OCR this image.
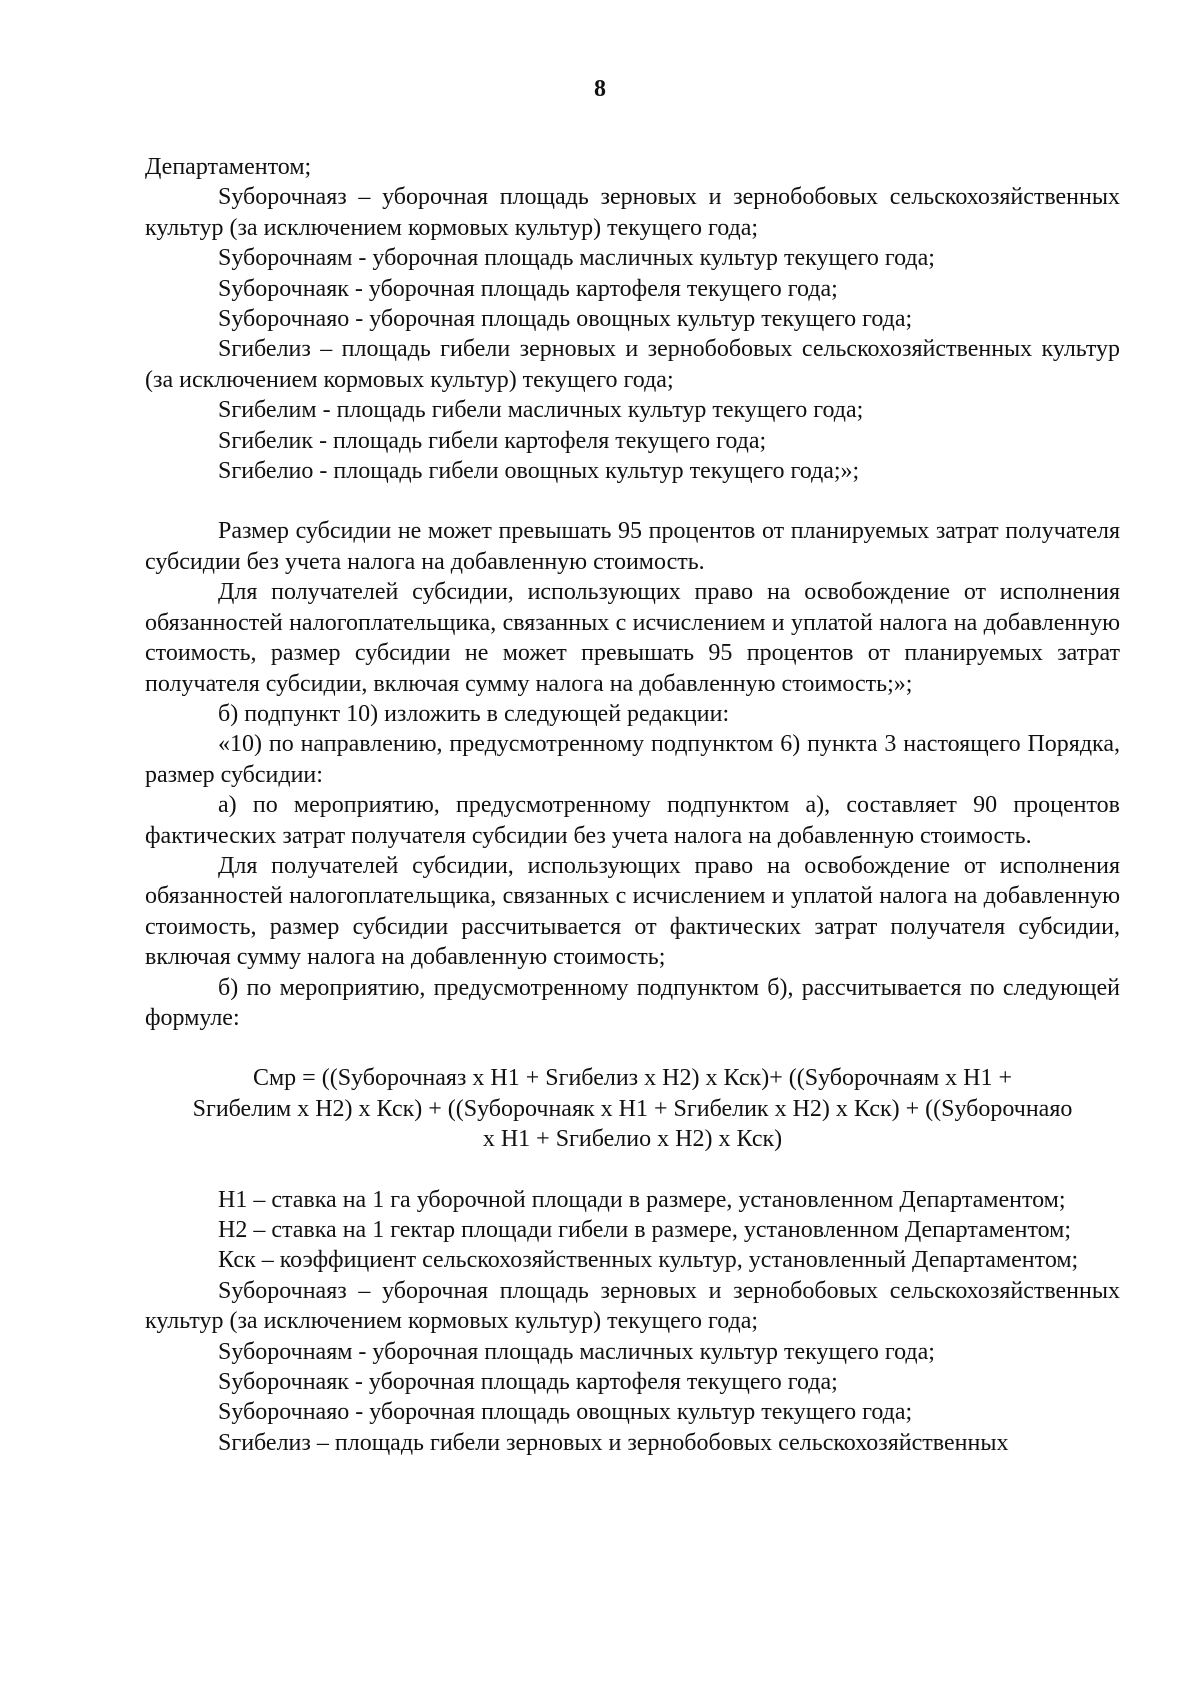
8

Департаментом;

Sуборочнаяз – уборочная площадь зерновых и зернобобовых сельскохозяйственных культур (за исключением кормовых культур) текущего года;

Sуборочнаям - уборочная площадь масличных культур текущего года;

Sуборочнаяк - уборочная площадь картофеля текущего года;

Sуборочнаяо - уборочная площадь овощных культур текущего года;

Sгибелиз – площадь гибели зерновых и зернобобовых сельскохозяйственных культур (за исключением кормовых культур) текущего года;

Sгибелим - площадь гибели масличных культур текущего года;

Sгибелик - площадь гибели картофеля текущего года;

Sгибелио - площадь гибели овощных культур текущего года;»;

Размер субсидии не может превышать 95 процентов от планируемых затрат получателя субсидии без учета налога на добавленную стоимость.

Для получателей субсидии, использующих право на освобождение от исполнения обязанностей налогоплательщика, связанных с исчислением и уплатой налога на добавленную стоимость, размер субсидии не может превышать 95 процентов от планируемых затрат получателя субсидии, включая сумму налога на добавленную стоимость;»;

б) подпункт 10) изложить в следующей редакции:

«10) по направлению, предусмотренному подпунктом 6) пункта 3 настоящего Порядка, размер субсидии:

а) по мероприятию, предусмотренному подпунктом а), составляет 90 процентов фактических затрат получателя субсидии без учета налога на добавленную стоимость.

Для получателей субсидии, использующих право на освобождение от исполнения обязанностей налогоплательщика, связанных с исчислением и уплатой налога на добавленную стоимость, размер субсидии рассчитывается от фактических затрат получателя субсидии, включая сумму налога на добавленную стоимость;

б) по мероприятию, предусмотренному подпунктом б), рассчитывается по следующей формуле:

Смр = ((Sуборочнаяз х Н1 + Sгибелиз х Н2) х Кск)+ ((Sуборочнаям х Н1 +

Sгибелим х Н2) х Кск) + ((Sуборочнаяк х Н1 + Sгибелик х Н2) х Кск) + ((Sуборочнаяо

х Н1 + Sгибелио х Н2) х Кск)

Н1 – ставка на 1 га уборочной площади в размере, установленном Департаментом;

Н2 – ставка на 1 гектар площади гибели в размере, установленном Департаментом;

Кск – коэффициент сельскохозяйственных культур, установленный Департаментом;

Sуборочнаяз – уборочная площадь зерновых и зернобобовых сельскохозяйственных культур (за исключением кормовых культур) текущего года;

Sуборочнаям - уборочная площадь масличных культур текущего года;

Sуборочнаяк - уборочная площадь картофеля текущего года;

Sуборочнаяо - уборочная площадь овощных культур текущего года;

Sгибелиз – площадь гибели зерновых и зернобобовых сельскохозяйственных
